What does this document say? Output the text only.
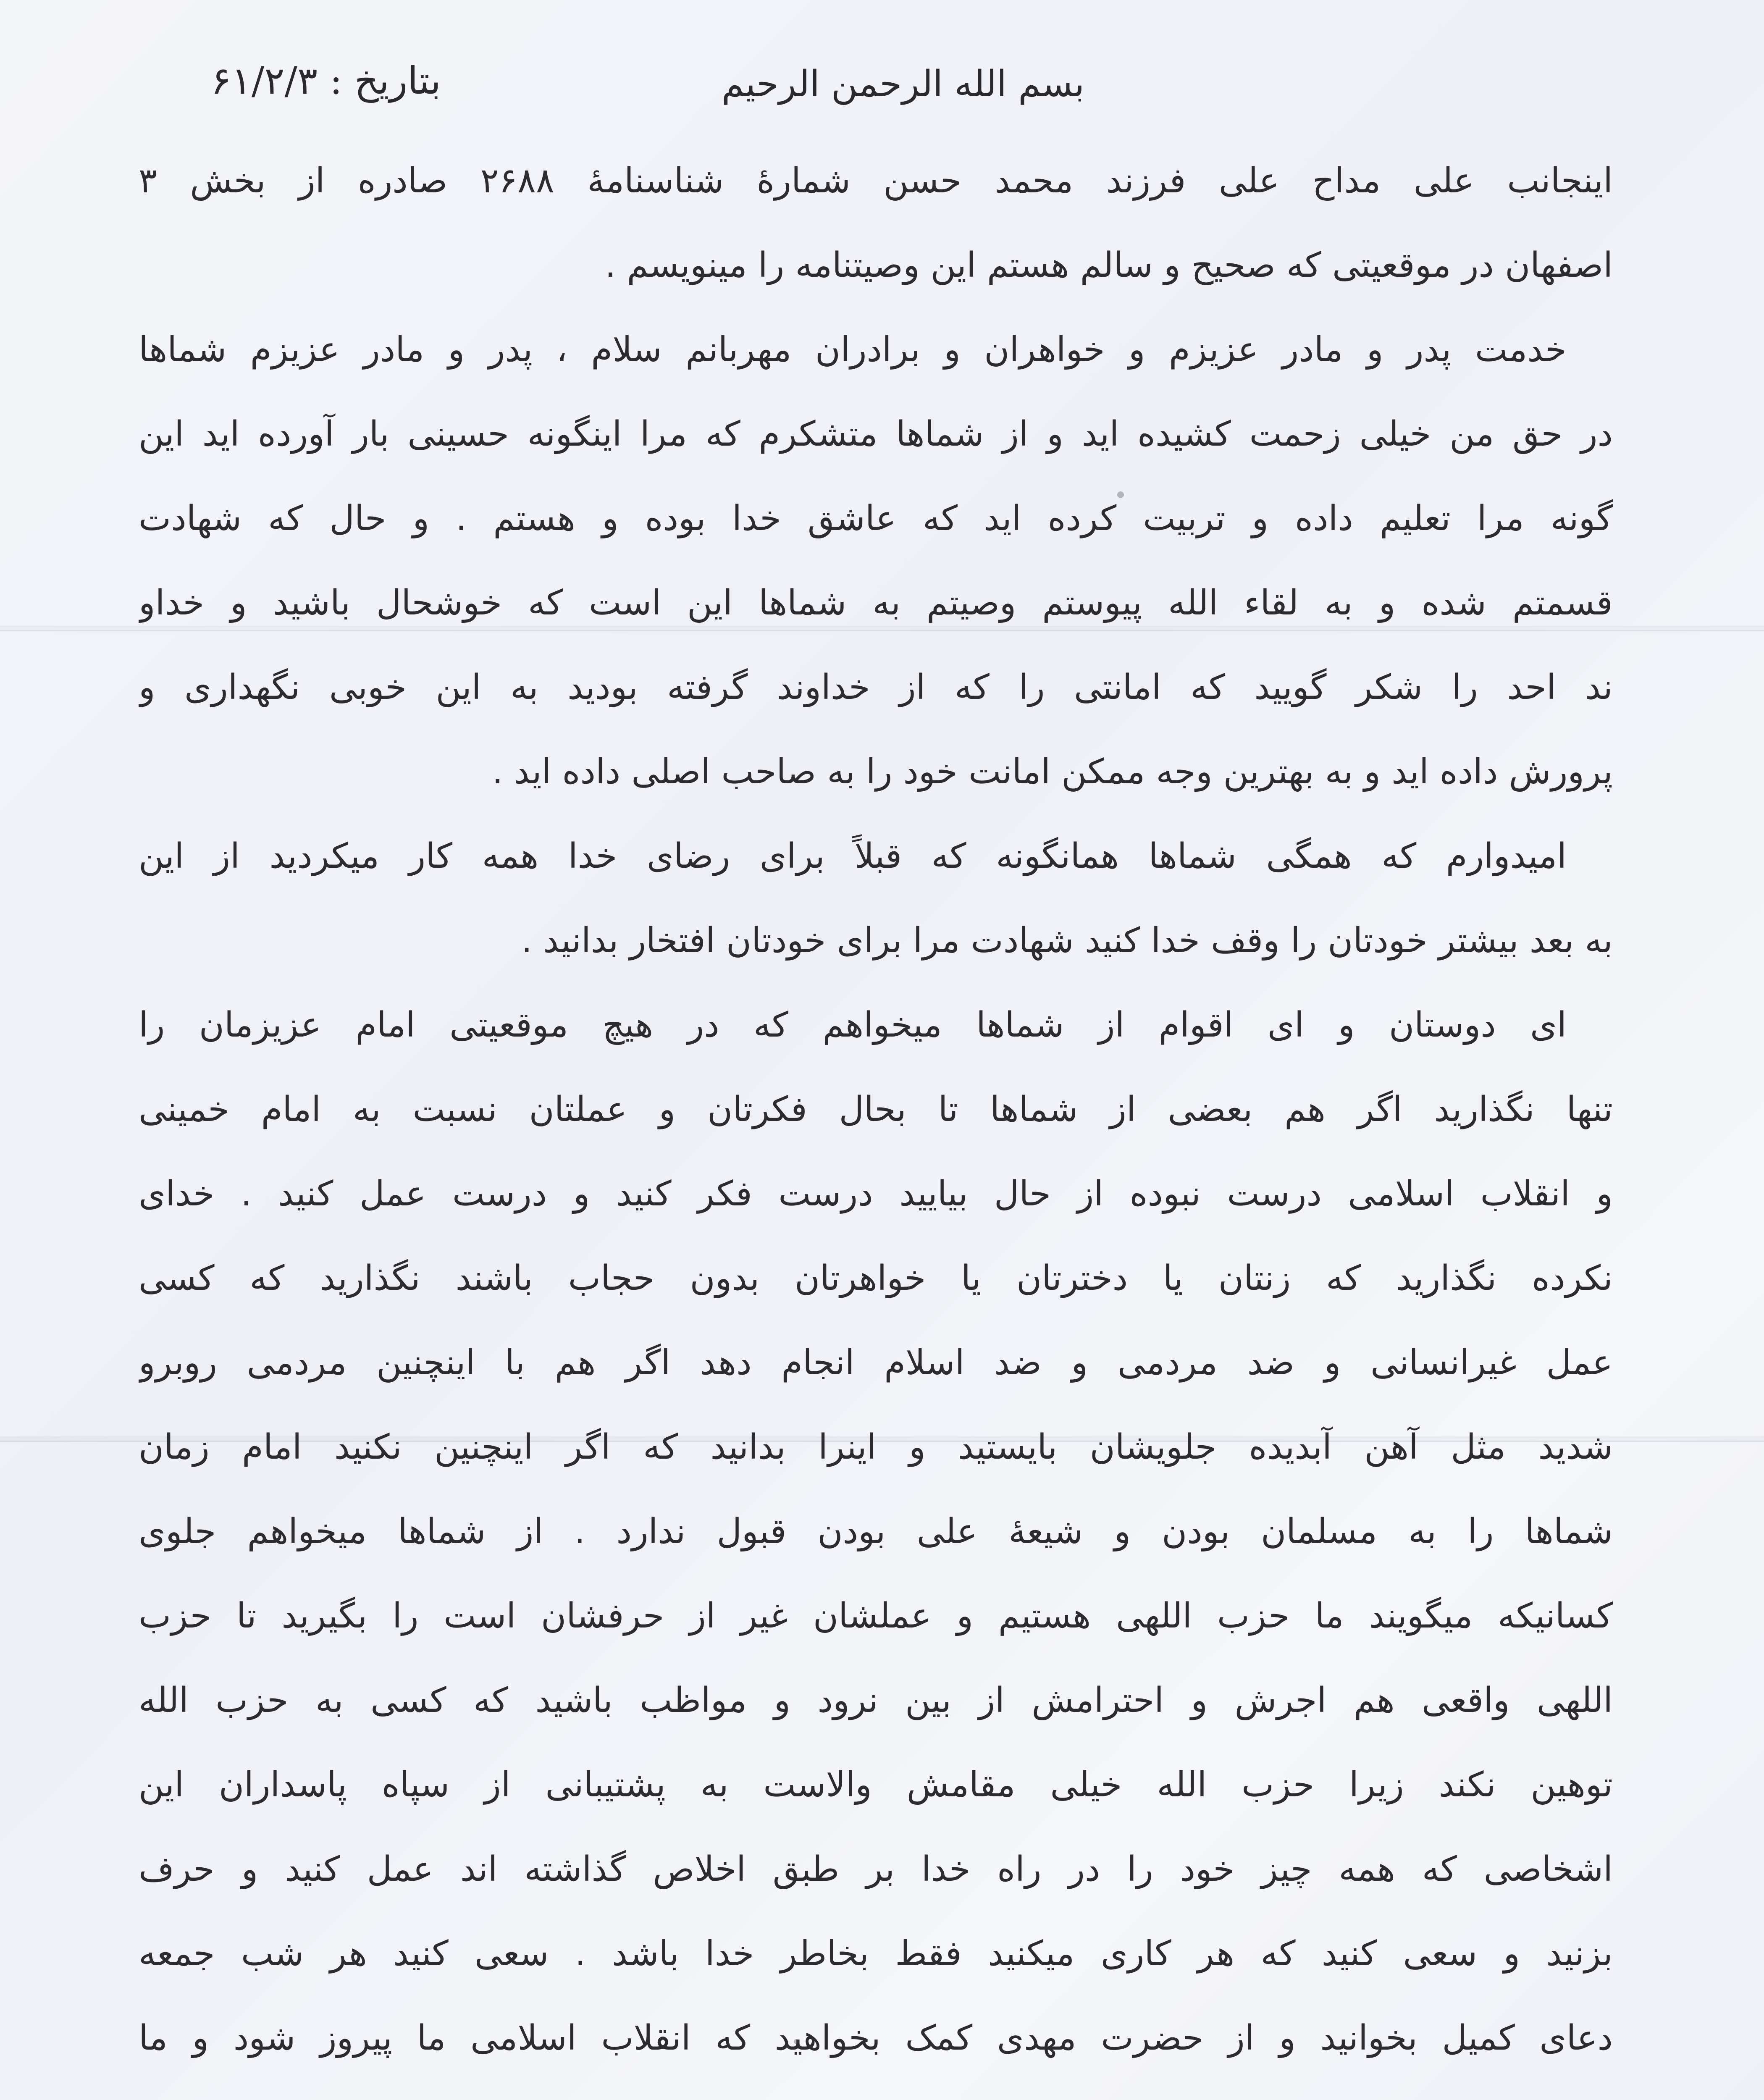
بسم الله الرحمن الرحیم
بتاریخ : ۶۱/۲/۳
اینجانب علی مداح علی فرزند محمد حسن شمارهٔ شناسنامهٔ ۲۶۸۸ صادره از بخش ۳
اصفهان در موقعیتی که صحیح و سالم هستم این وصیتنامه را مینویسم .
خدمت پدر و مادر عزیزم و خواهران و برادران مهربانم سلام ، پدر و مادر عزیزم شماها
در حق من خیلی زحمت کشیده اید و از شماها متشکرم که مرا اینگونه حسینی بار آورده اید این
گونه مرا تعلیم داده و تربیت کرده اید که عاشق خدا بوده و هستم . و حال که شهادت
قسمتم شده و به لقاء الله پیوستم وصیتم به شماها این است که خوشحال باشید و خداو
ند احد را شکر گویید که امانتی را که از خداوند گرفته بودید به این خوبی نگهداری و
پرورش داده اید و به بهترین وجه ممکن امانت خود را به صاحب اصلی داده اید .
امیدوارم که همگی شماها همانگونه که قبلاً برای رضای خدا همه کار میکردید از این
به بعد بیشتر خودتان را وقف خدا کنید شهادت مرا برای خودتان افتخار بدانید .
ای دوستان و ای اقوام از شماها میخواهم که در هیچ موقعیتی امام عزیزمان را
تنها نگذارید اگر هم بعضی از شماها تا بحال فکرتان و عملتان نسبت به امام خمینی
و انقلاب اسلامی درست نبوده از حال بیایید درست فکر کنید و درست عمل کنید . خدای
نکرده نگذارید که زنتان یا دخترتان یا خواهرتان بدون حجاب باشند نگذارید که کسی
عمل غیرانسانی و ضد مردمی و ضد اسلام انجام دهد اگر هم با اینچنین مردمی روبرو
شدید مثل آهن آبدیده جلویشان بایستید و اینرا بدانید که اگر اینچنین نکنید امام زمان
شماها را به مسلمان بودن و شیعهٔ علی بودن قبول ندارد . از شماها میخواهم جلوی
کسانیکه میگویند ما حزب اللهی هستیم و عملشان غیر از حرفشان است را بگیرید تا حزب
اللهی واقعی هم اجرش و احترامش از بین نرود و مواظب باشید که کسی به حزب الله
توهین نکند زیرا حزب الله خیلی مقامش والاست به پشتیبانی از سپاه پاسداران این
اشخاصی که همه چیز خود را در راه خدا بر طبق اخلاص گذاشته اند عمل کنید و حرف
بزنید و سعی کنید که هر کاری میکنید فقط بخاطر خدا باشد . سعی کنید هر شب جمعه
دعای کمیل بخوانید و از حضرت مهدی کمک بخواهید که انقلاب اسلامی ما پیروز شود و ما
